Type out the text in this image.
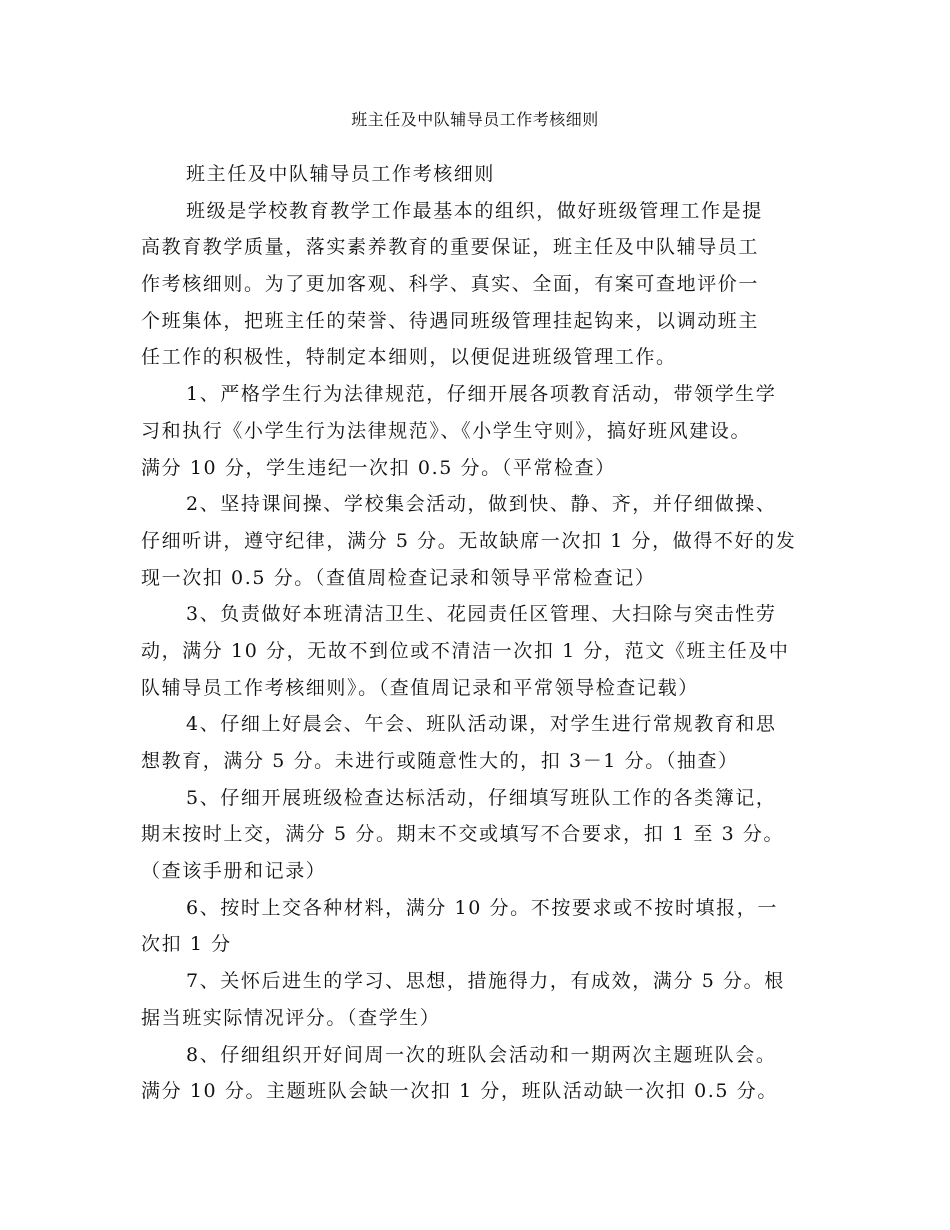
班主任及中队辅导员工作考核细则
班主任及中队辅导员工作考核细则
班级是学校教育教学工作最基本的组织，做好班级管理工作是提
高教育教学质量，落实素养教育的重要保证，班主任及中队辅导员工
作考核细则。为了更加客观、科学、真实、全面，有案可查地评价一
个班集体，把班主任的荣誉、待遇同班级管理挂起钩来，以调动班主
任工作的积极性，特制定本细则，以便促进班级管理工作。
1、严格学生行为法律规范，仔细开展各项教育活动，带领学生学
习和执行《小学生行为法律规范》、《小学生守则》，搞好班风建设。
满分 10 分，学生违纪一次扣 0.5 分。（平常检查）
2、坚持课间操、学校集会活动，做到快、静、齐，并仔细做操、
仔细听讲，遵守纪律，满分 5 分。无故缺席一次扣 1 分，做得不好的发
现一次扣 0.5 分。（查值周检查记录和领导平常检查记）
3、负责做好本班清洁卫生、花园责任区管理、大扫除与突击性劳
动，满分 10 分，无故不到位或不清洁一次扣 1 分，范文《班主任及中
队辅导员工作考核细则》。（查值周记录和平常领导检查记载）
4、仔细上好晨会、午会、班队活动课，对学生进行常规教育和思
想教育，满分 5 分。未进行或随意性大的，扣 3－1 分。（抽查）
5、仔细开展班级检查达标活动，仔细填写班队工作的各类簿记，
期末按时上交，满分 5 分。期末不交或填写不合要求，扣 1 至 3 分。
（查该手册和记录）
6、按时上交各种材料，满分 10 分。不按要求或不按时填报，一
次扣 1 分
7、关怀后进生的学习、思想，措施得力，有成效，满分 5 分。根
据当班实际情况评分。（查学生）
8、仔细组织开好间周一次的班队会活动和一期两次主题班队会。
满分 10 分。主题班队会缺一次扣 1 分，班队活动缺一次扣 0.5 分。
